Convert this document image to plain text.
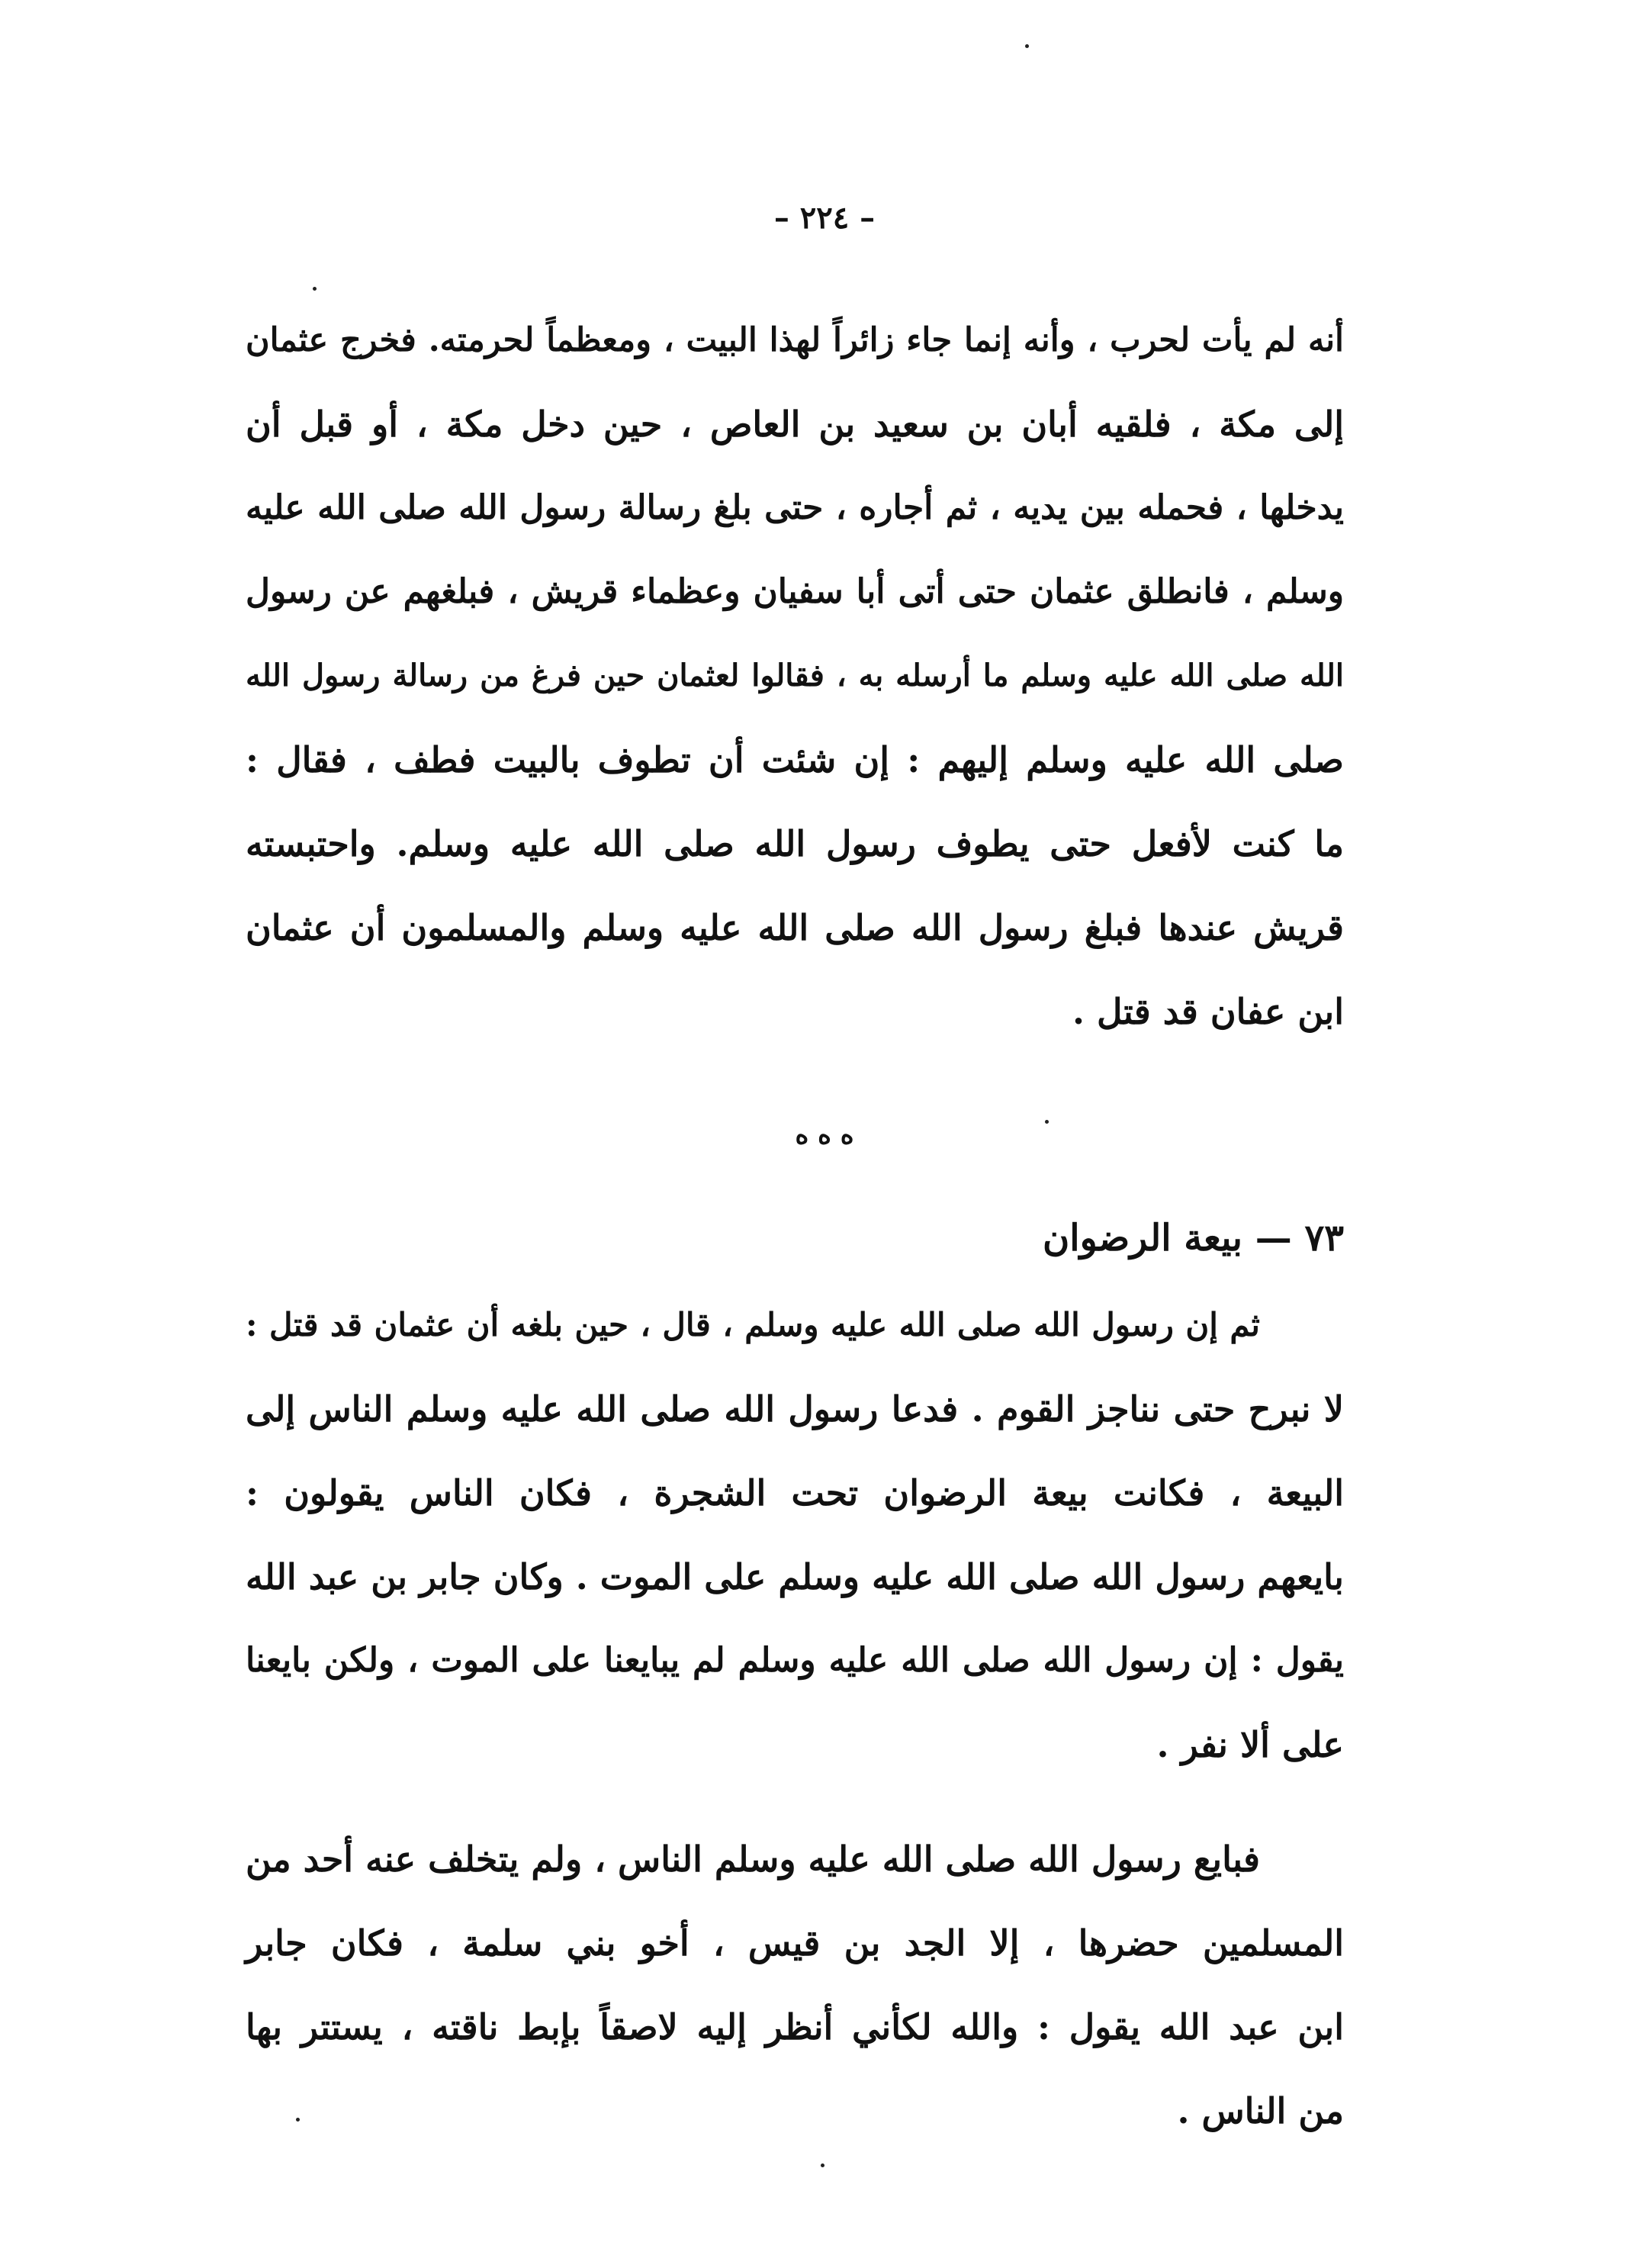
– ٢٢٤ –
أنه لم يأت لحرب ، وأنه إنما جاء زائراً لهذا البيت ، ومعظماً لحرمته. فخرج عثمان
إلى مكة ، فلقيه أبان بن سعيد بن العاص ، حين دخل مكة ، أو قبل أن
يدخلها ، فحمله بين يديه ، ثم أجاره ، حتى بلغ رسالة رسول الله صلى الله عليه
وسلم ، فانطلق عثمان حتى أتى أبا سفيان وعظماء قريش ، فبلغهم عن رسول
الله صلى الله عليه وسلم ما أرسله به ، فقالوا لعثمان حين فرغ من رسالة رسول الله
صلى الله عليه وسلم إليهم : إن شئت أن تطوف بالبيت فطف ، فقال :
ما كنت لأفعل حتى يطوف رسول الله صلى الله عليه وسلم. واحتبسته
قريش عندها فبلغ رسول الله صلى الله عليه وسلم والمسلمون أن عثمان
ابن عفان قد قتل .
ﻩ ﻩ ﻩ
٧٣ — بيعة الرضوان
ثم إن رسول الله صلى الله عليه وسلم ، قال ، حين بلغه أن عثمان قد قتل :
لا نبرح حتى نناجز القوم . فدعا رسول الله صلى الله عليه وسلم الناس إلى
البيعة ، فكانت بيعة الرضوان تحت الشجرة ، فكان الناس يقولون :
بايعهم رسول الله صلى الله عليه وسلم على الموت . وكان جابر بن عبد الله
يقول : إن رسول الله صلى الله عليه وسلم لم يبايعنا على الموت ، ولكن بايعنا
على ألا نفر .
فبايع رسول الله صلى الله عليه وسلم الناس ، ولم يتخلف عنه أحد من
المسلمين حضرها ، إلا الجد بن قيس ، أخو بني سلمة ، فكان جابر
ابن عبد الله يقول : والله لكأني أنظر إليه لاصقاً بإبط ناقته ، يستتر بها
من الناس .
